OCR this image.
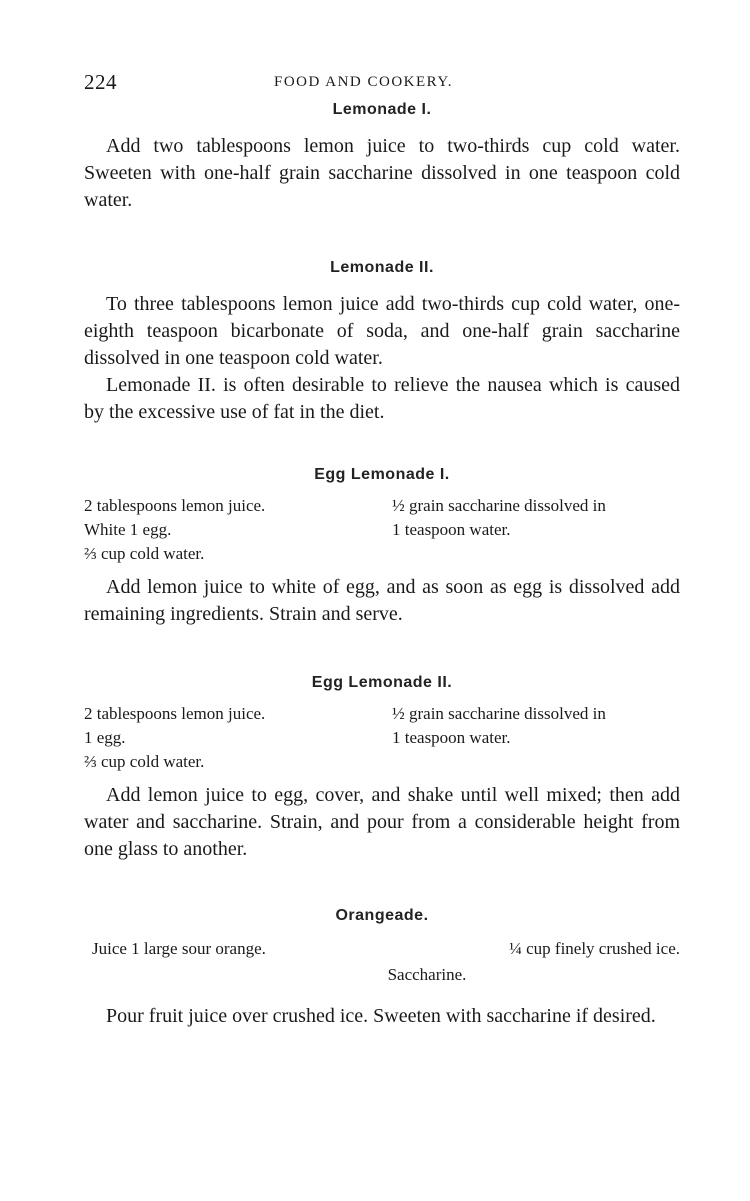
224	FOOD AND COOKERY.
Lemonade I.

Add two tablespoons lemon juice to two-thirds cup cold water. Sweeten with one-half grain saccharine dissolved in one teaspoon cold water.

Lemonade II.

To three tablespoons lemon juice add two-thirds cup cold water, one-eighth teaspoon bicarbonate of soda, and one-half grain saccharine dissolved in one teaspoon cold water.

Lemonade II. is often desirable to relieve the nausea which is caused by the excessive use of fat in the diet.

Egg Lemonade I.
2 tablespoons lemon juice.
White 1 egg.
⅔ cup cold water.
½ grain saccharine dissolved in
1 teaspoon water.

Add lemon juice to white of egg, and as soon as egg is dissolved add remaining ingredients. Strain and serve.

Egg Lemonade II.
2 tablespoons lemon juice.
1 egg.
⅔ cup cold water.
½ grain saccharine dissolved in
1 teaspoon water.

Add lemon juice to egg, cover, and shake until well mixed; then add water and saccharine. Strain, and pour from a considerable height from one glass to another.

Orangeade.
Juice 1 large sour orange.	¼ cup finely crushed ice.
Saccharine.

Pour fruit juice over crushed ice. Sweeten with saccharine if desired.
